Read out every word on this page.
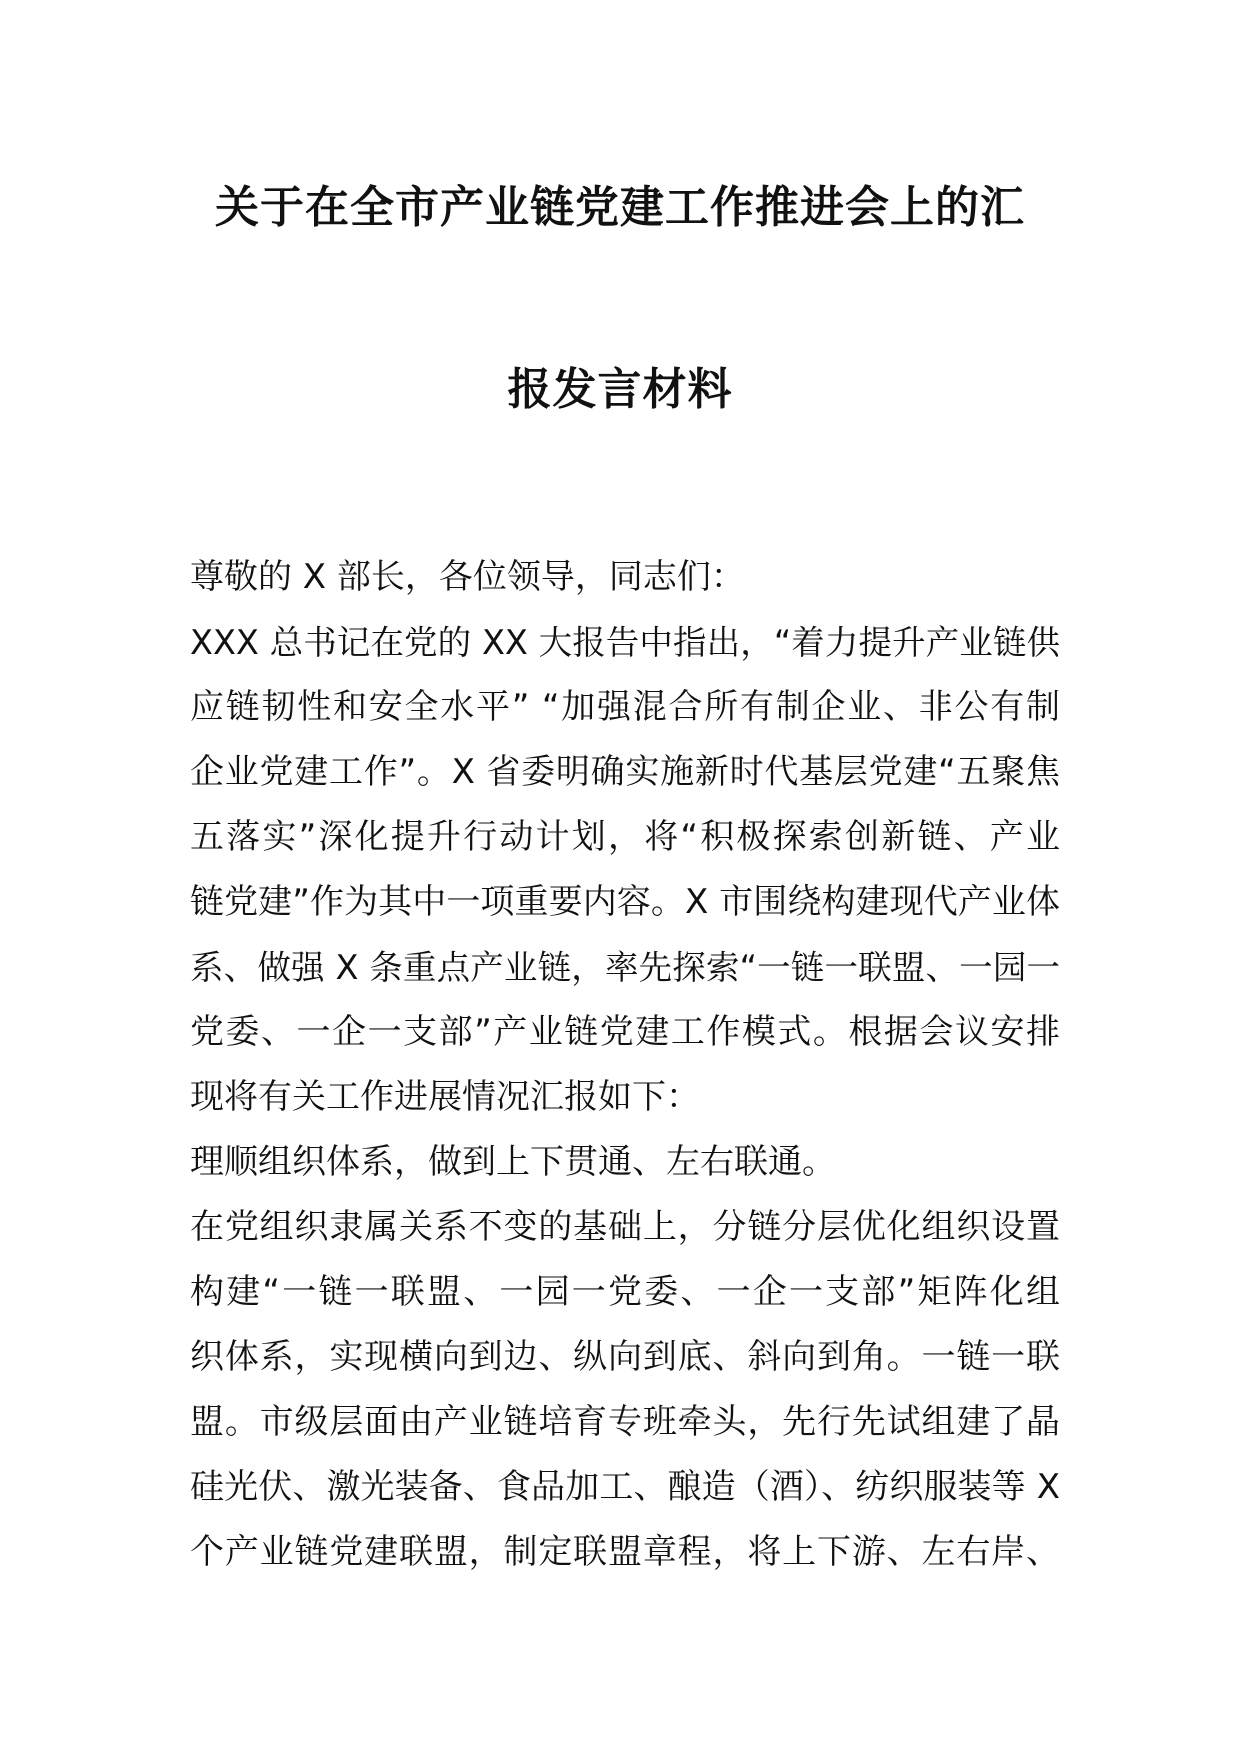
关于在全市产业链党建工作推进会上的汇
报发言材料
尊敬的 X 部长，各位领导，同志们：
XXX 总书记在党的 XX 大报告中指出，“着力提升产业链供
应链韧性和安全水平” “加强混合所有制企业、非公有制
企业党建工作”。X 省委明确实施新时代基层党建“五聚焦
五落实”深化提升行动计划，将“积极探索创新链、产业
链党建”作为其中一项重要内容。X 市围绕构建现代产业体
系、做强 X 条重点产业链，率先探索“一链一联盟、一园一
党委、一企一支部”产业链党建工作模式。根据会议安排
现将有关工作进展情况汇报如下：
理顺组织体系，做到上下贯通、左右联通。
在党组织隶属关系不变的基础上，分链分层优化组织设置
构建“一链一联盟、一园一党委、一企一支部”矩阵化组
织体系，实现横向到边、纵向到底、斜向到角。一链一联
盟。市级层面由产业链培育专班牵头，先行先试组建了晶
硅光伏、激光装备、食品加工、酿造（酒）、纺织服装等 X
个产业链党建联盟，制定联盟章程，将上下游、左右岸、
